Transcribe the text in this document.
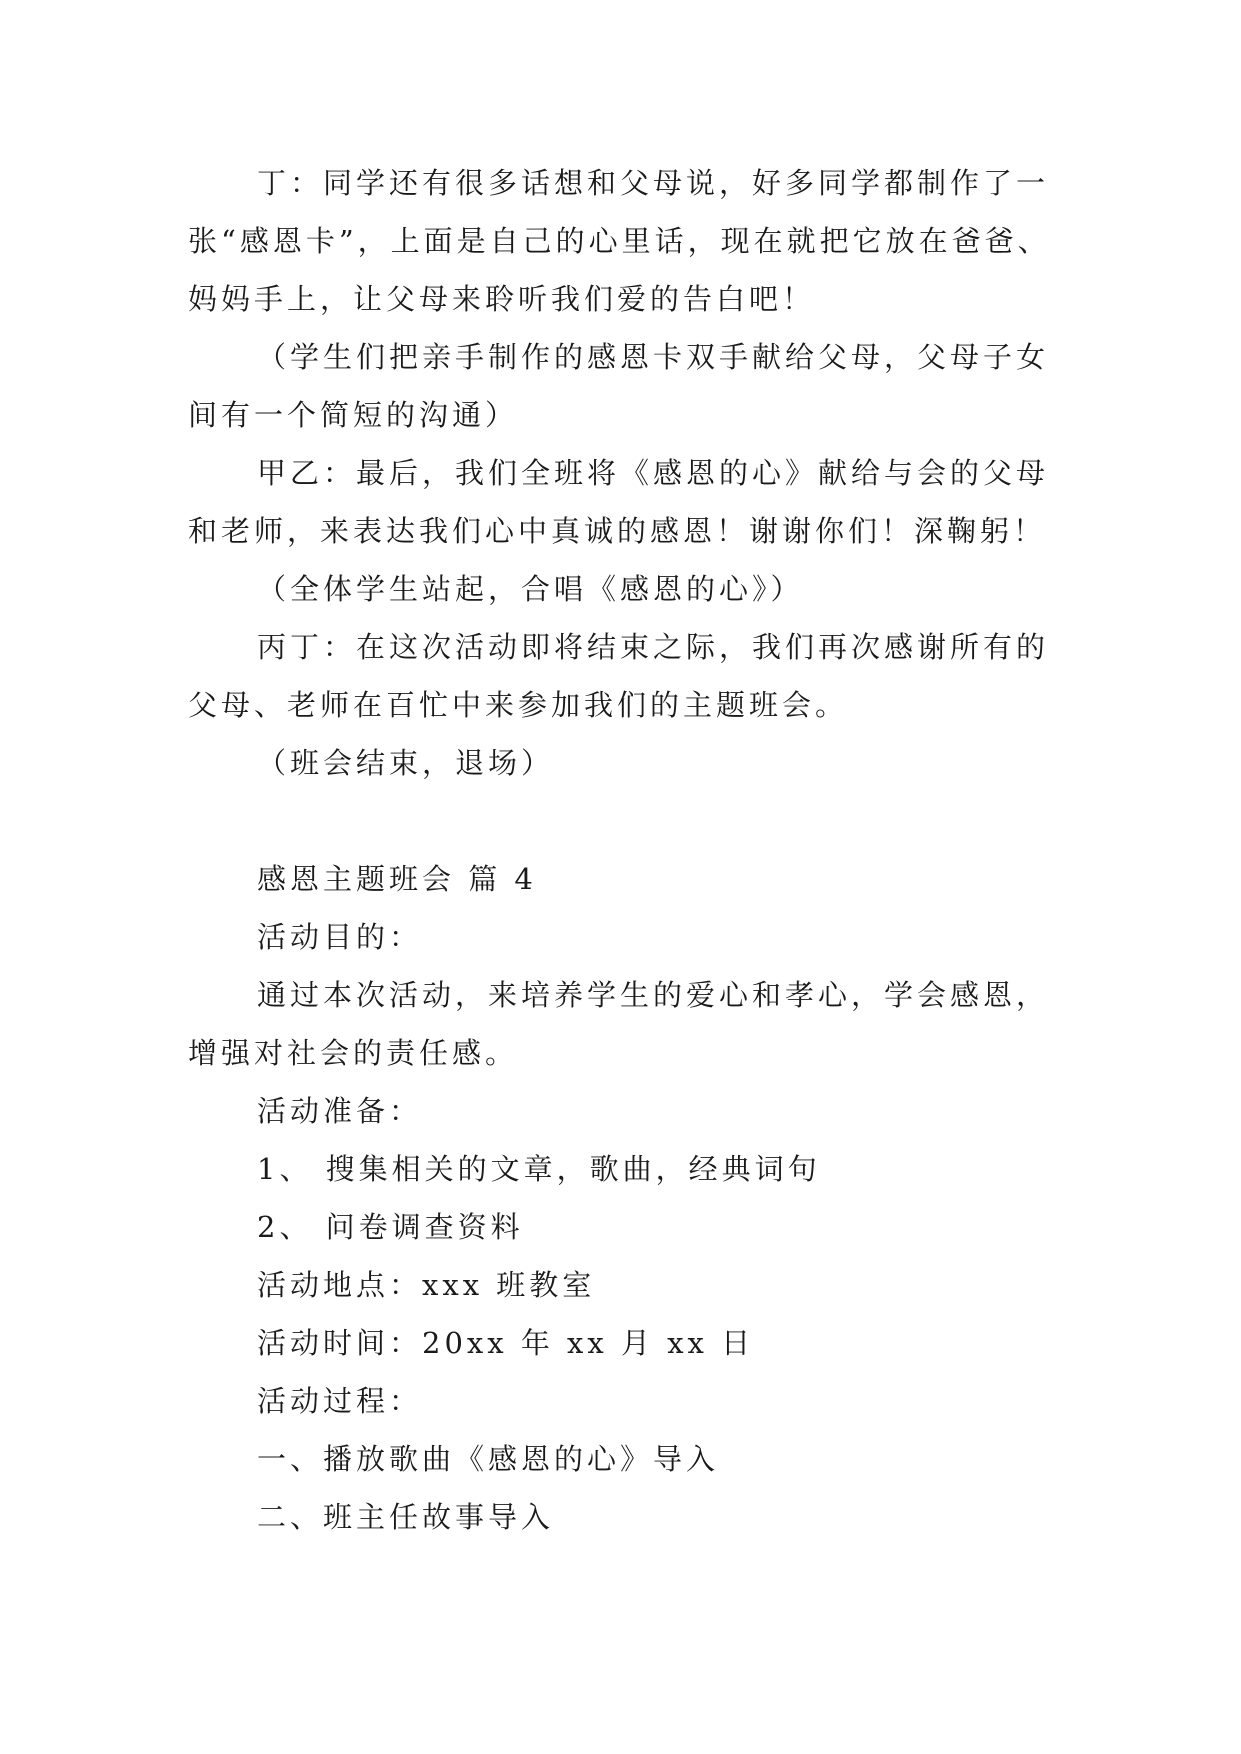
丁：同学还有很多话想和父母说，好多同学都制作了一
张“感恩卡”，上面是自己的心里话，现在就把它放在爸爸、
妈妈手上，让父母来聆听我们爱的告白吧！
（学生们把亲手制作的感恩卡双手献给父母，父母子女
间有一个简短的沟通）
甲乙：最后，我们全班将《感恩的心》献给与会的父母
和老师，来表达我们心中真诚的感恩！谢谢你们！深鞠躬！
（全体学生站起，合唱《感恩的心》）
丙丁：在这次活动即将结束之际，我们再次感谢所有的
父母、老师在百忙中来参加我们的主题班会。
（班会结束，退场）
感恩主题班会 篇 4
活动目的：
通过本次活动，来培养学生的爱心和孝心，学会感恩，
增强对社会的责任感。
活动准备：
1、 搜集相关的文章，歌曲，经典词句
2、 问卷调查资料
活动地点：xxx 班教室
活动时间：20xx 年 xx 月 xx 日
活动过程：
一、播放歌曲《感恩的心》导入
二、班主任故事导入
